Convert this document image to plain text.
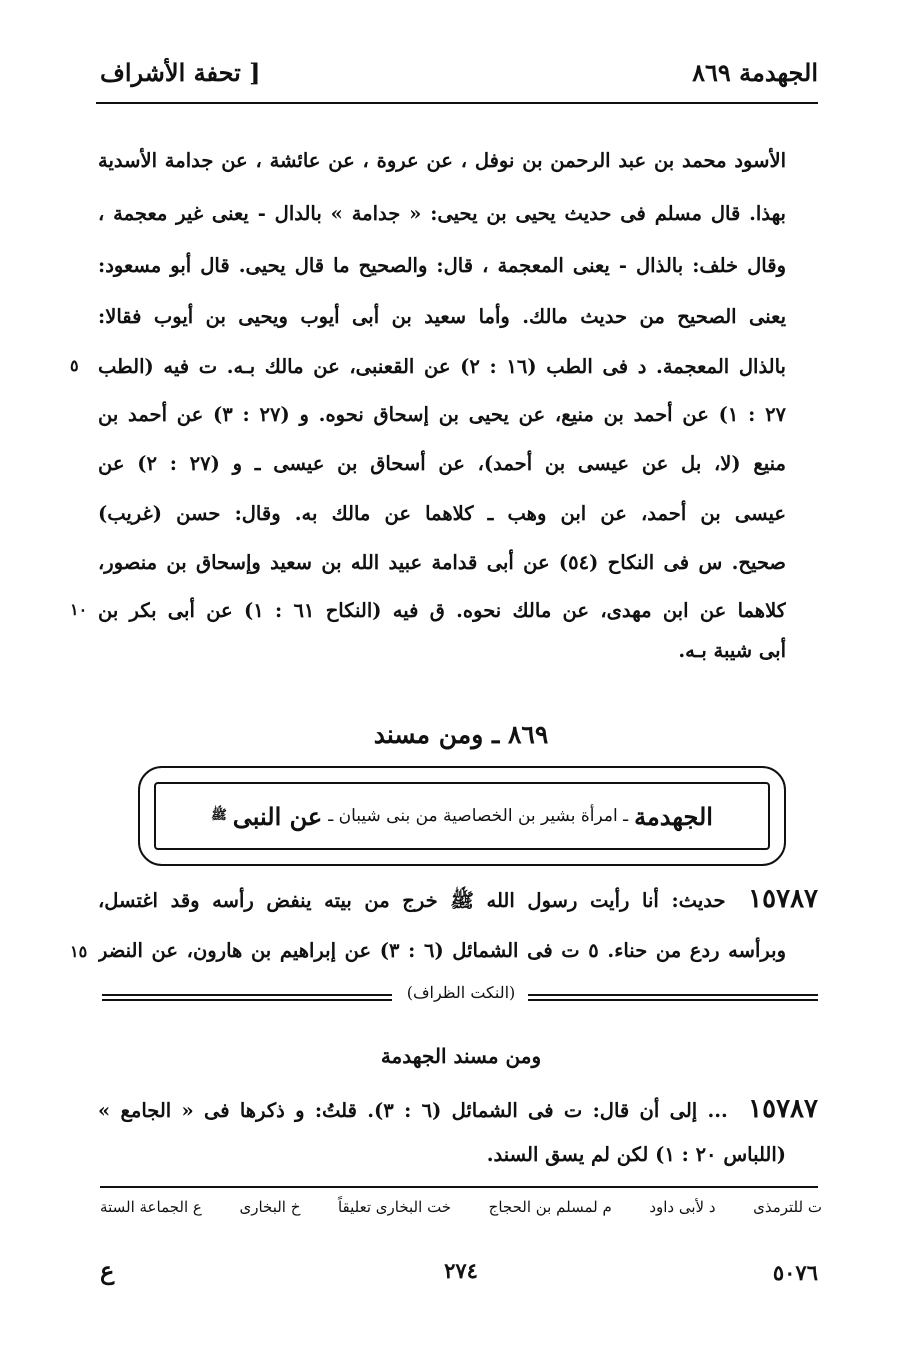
الجهدمة ٨٦٩
[ تحفة الأشراف
الأسود محمد بن عبد الرحمن بن نوفل ، عن عروة ، عن عائشة ، عن جدامة الأسدية
بهذا. قال مسلم فى حديث يحيى بن يحيى: « جدامة » بالدال - يعنى غير معجمة ،
وقال خلف: بالذال - يعنى المعجمة ، قال: والصحيح ما قال يحيى. قال أبو مسعود:
يعنى الصحيح من حديث مالك. وأما سعيد بن أبى أيوب ويحيى بن أيوب فقالا:
بالذال المعجمة. د فى الطب (١٦ : ٢) عن القعنبى، عن مالك بـه. ت فيه (الطب
٢٧ : ١) عن أحمد بن منيع، عن يحيى بن إسحاق نحوه. و (٢٧ : ٣) عن أحمد بن
منيع (لا، بل عن عيسى بن أحمد)، عن أسحاق بن عيسى ـ و (٢٧ : ٢) عن
عيسى بن أحمد، عن ابن وهب ـ كلاهما عن مالك به. وقال: حسن (غريب)
صحيح. س فى النكاح (٥٤) عن أبى قدامة عبيد الله بن سعيد وإسحاق بن منصور،
كلاهما عن ابن مهدى، عن مالك نحوه. ق فيه (النكاح ٦١ : ١) عن أبى بكر بن
أبى شيبة بـه.
٥
١٠
١٥
٨٦٩ ـ ومن مسند
الجهدمة
ـ امرأة بشير بن الخصاصية من بنى شيبان ـ
عن النبى
ﷺ
١٥٧٨٧ حديث: أنا رأيت رسول الله ﷺ خرج من بيته ينفض رأسه وقد اغتسل،
وبرأسه ردع من حناء. ٥ ت فى الشمائل (٦ : ٣) عن إبراهيم بن هارون، عن النضر
(النكت الظراف)
ومن مسند الجهدمة
١٥٧٨٧ ... إلى أن قال: ت فى الشمائل (٦ : ٣). قلتُ: و ذكرها فى « الجامع »
(اللباس ٢٠ : ١) لكن لم يسق السند.
ع الجماعة الستة	خ البخارى	خت البخارى تعليقاً	م لمسلم بن الحجاج	د لأبى داود	ت للترمذى
٥٠٧٦
٢٧٤
ع
